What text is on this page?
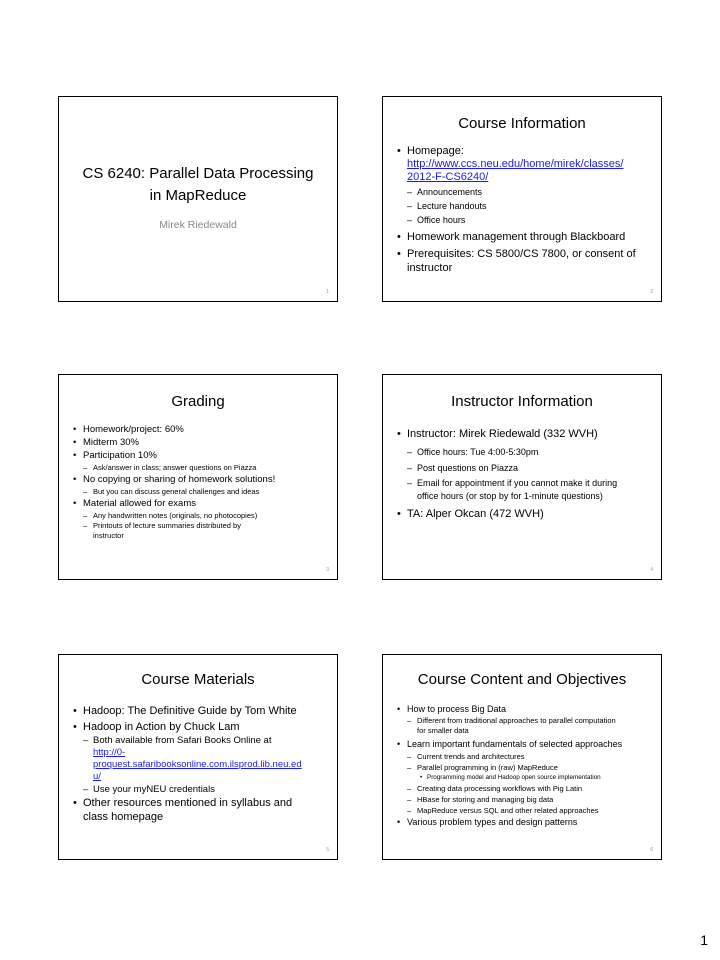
CS 6240: Parallel Data Processing
in MapReduce
Mirek Riedewald
1
Course Information
• Homepage:
http://www.ccs.neu.edu/home/mirek/classes/
2012-F-CS6240/
– Announcements
– Lecture handouts
– Office hours
• Homework management through Blackboard
• Prerequisites: CS 5800/CS 7800, or consent of instructor
2
Grading
• Homework/project: 60%
• Midterm 30%
• Participation 10%
– Ask/answer in class; answer questions on Piazza
• No copying or sharing of homework solutions!
– But you can discuss general challenges and ideas
• Material allowed for exams
– Any handwritten notes (originals, no photocopies)
– Printouts of lecture summaries distributed by instructor
3
Instructor Information
• Instructor: Mirek Riedewald (332 WVH)
– Office hours: Tue 4:00-5:30pm
– Post questions on Piazza
– Email for appointment if you cannot make it during office hours (or stop by for 1-minute questions)
• TA: Alper Okcan (472 WVH)
4
Course Materials
• Hadoop: The Definitive Guide by Tom White
• Hadoop in Action by Chuck Lam
– Both available from Safari Books Online at
http://0-
proquest.safaribooksonline.com.ilsprod.lib.neu.ed
u/
– Use your myNEU credentials
• Other resources mentioned in syllabus and class homepage
5
Course Content and Objectives
• How to process Big Data
– Different from traditional approaches to parallel computation for smaller data
• Learn important fundamentals of selected approaches
– Current trends and architectures
– Parallel programming in (raw) MapReduce
• Programming model and Hadoop open source implementation
– Creating data processing workflows with Pig Latin
– HBase for storing and managing big data
– MapReduce versus SQL and other related approaches
• Various problem types and design patterns
6
1
